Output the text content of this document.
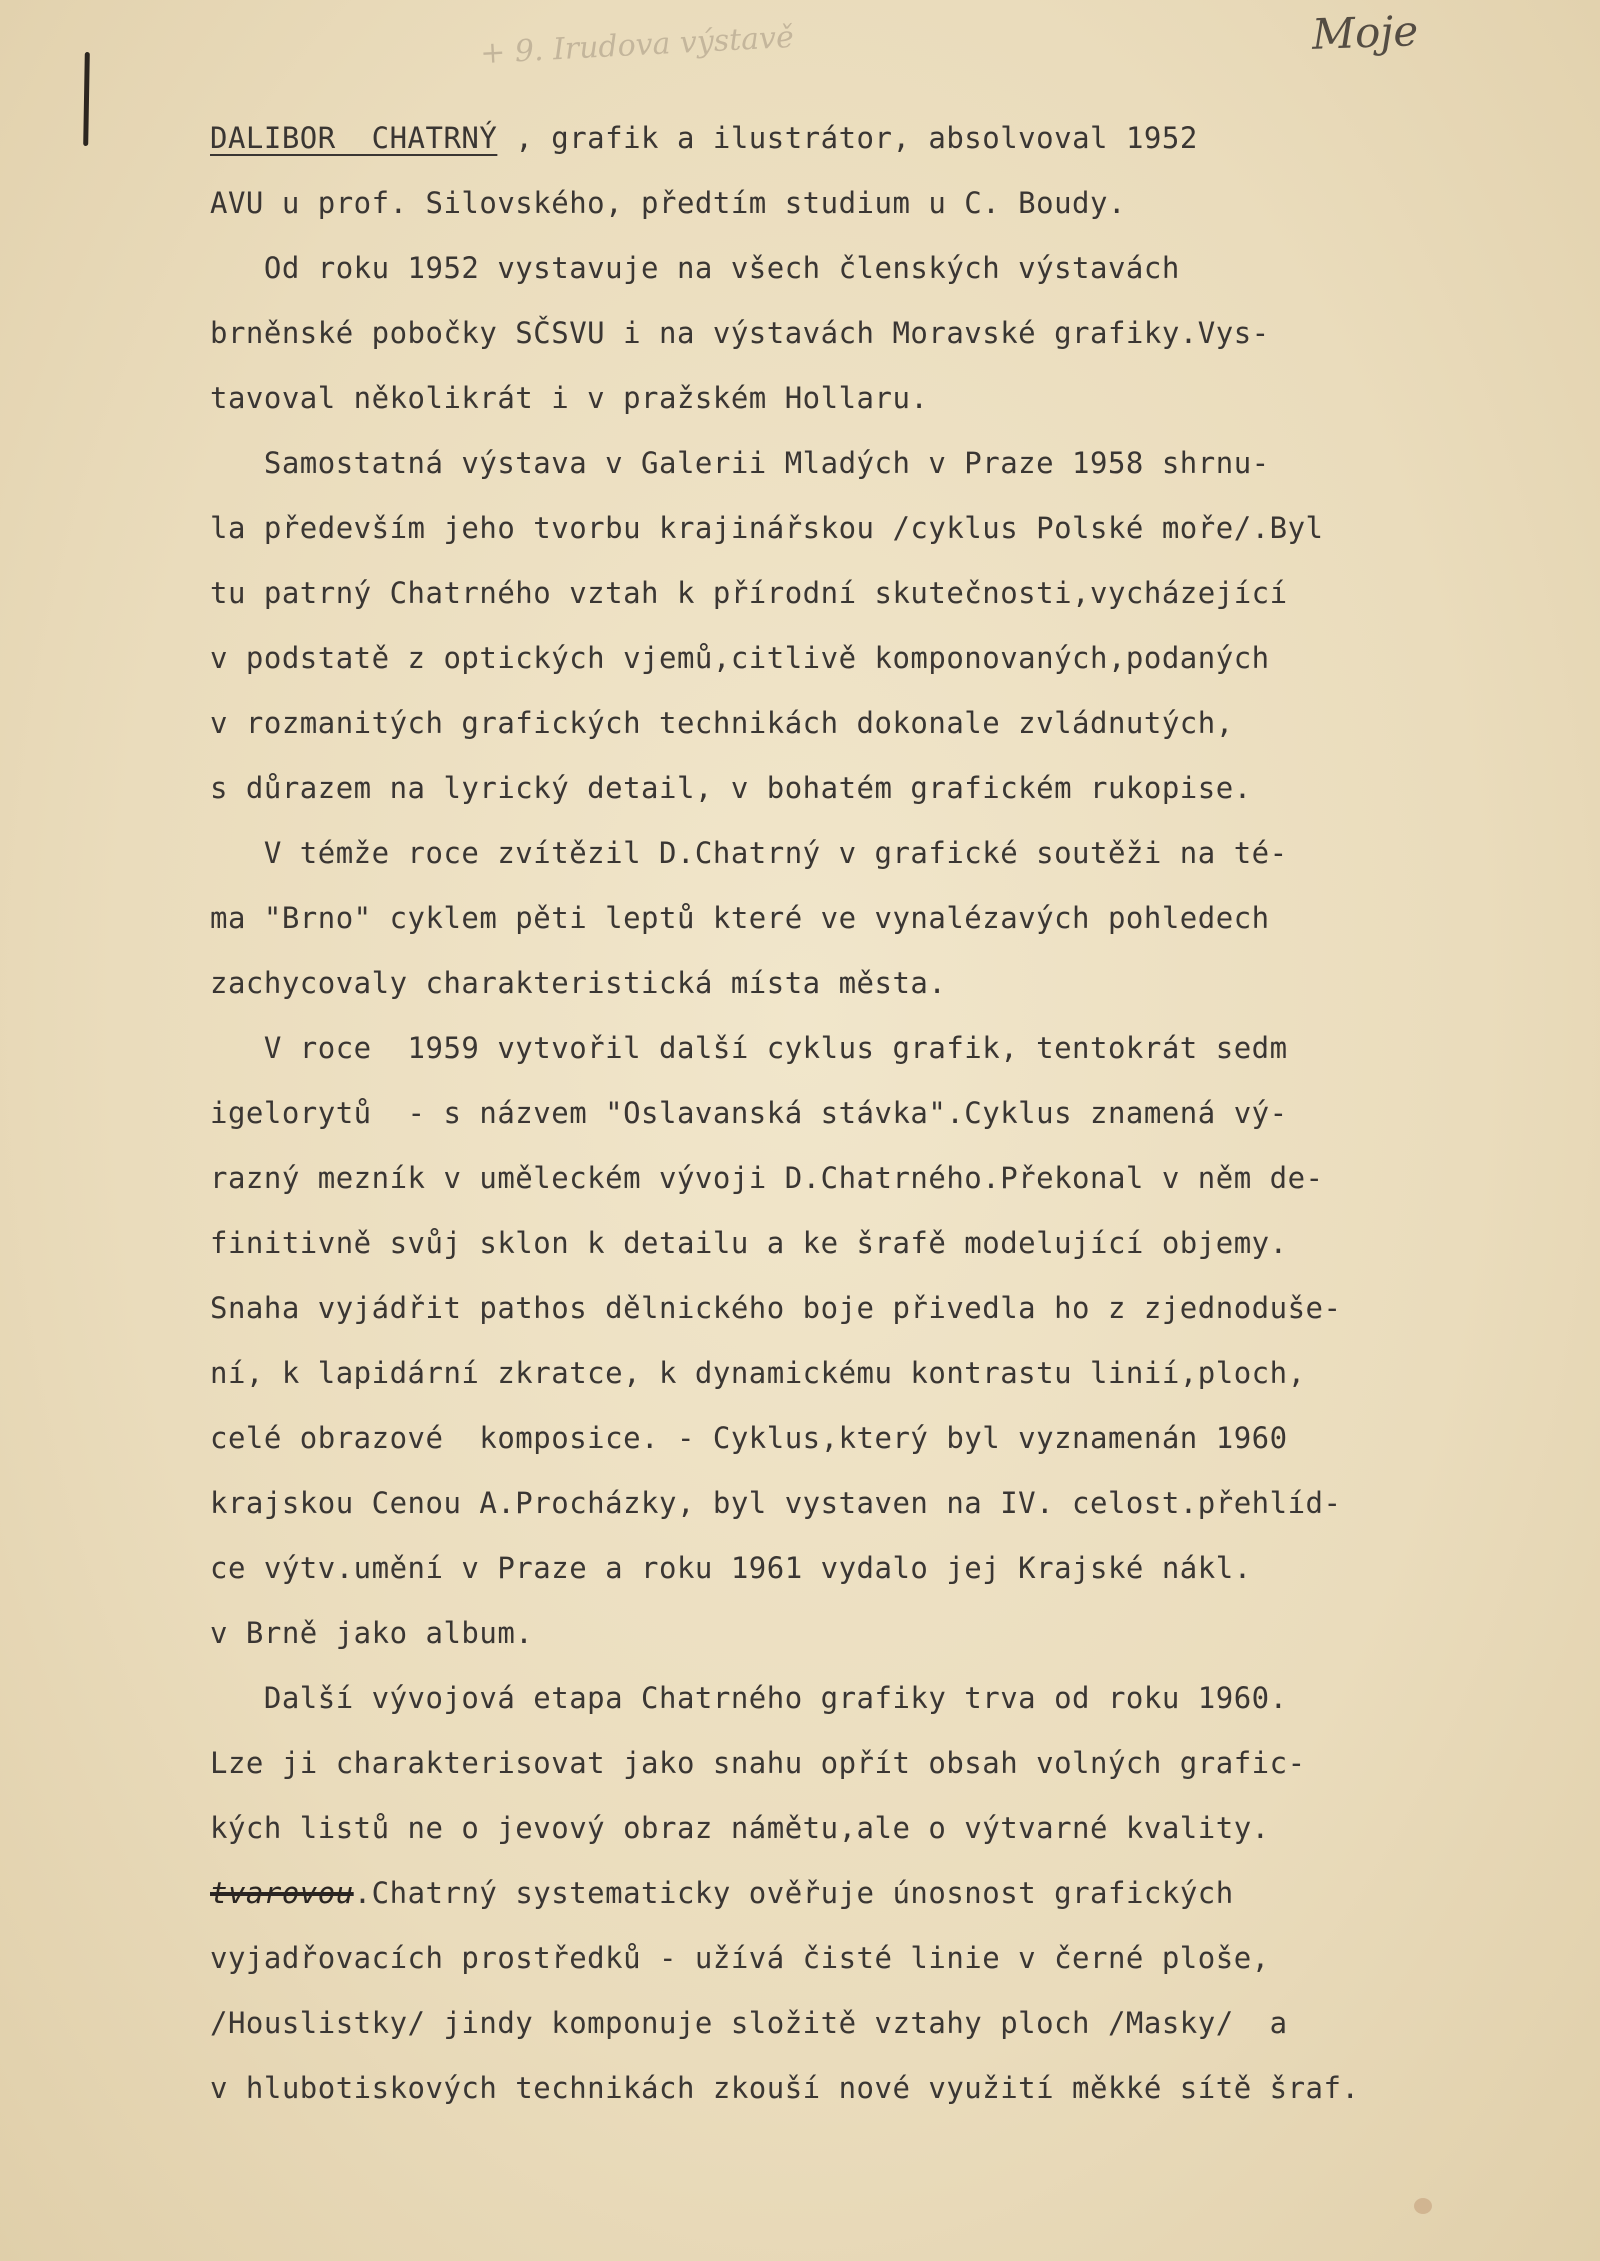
+ 9. Irudova výstavě	Moje
DALIBOR  CHATRNÝ , grafik a ilustrátor, absolvoval 1952
AVU u prof. Silovského, předtím studium u C. Boudy.
Od roku 1952 vystavuje na všech členských výstavách
brněnské pobočky SČSVU i na výstavách Moravské grafiky.Vys-
tavoval několikrát i v pražském Hollaru.
Samostatná výstava v Galerii Mladých v Praze 1958 shrnu-
la především jeho tvorbu krajinářskou /cyklus Polské moře/.Byl
tu patrný Chatrného vztah k přírodní skutečnosti,vycházející
v podstatě z optických vjemů,citlivě komponovaných,podaných
v rozmanitých grafických technikách dokonale zvládnutých,
s důrazem na lyrický detail, v bohatém grafickém rukopise.
V témže roce zvítězil D.Chatrný v grafické soutěži na té-
ma "Brno" cyklem pěti leptů které ve vynalézavých pohledech
zachycovaly charakteristická místa města.
V roce  1959 vytvořil další cyklus grafik, tentokrát sedm
igelorytů  - s názvem "Oslavanská stávka".Cyklus znamená vý-
razný mezník v uměleckém vývoji D.Chatrného.Překonal v něm de-
finitivně svůj sklon k detailu a ke šrafě modelující objemy.
Snaha vyjádřit pathos dělnického boje přivedla ho z zjednoduše-
ní, k lapidární zkratce, k dynamickému kontrastu linií,ploch,
celé obrazové  komposice. - Cyklus,který byl vyznamenán 1960
krajskou Cenou A.Procházky, byl vystaven na IV. celost.přehlíd-
ce výtv.umění v Praze a roku 1961 vydalo jej Krajské nákl.
v Brně jako album.
Další vývojová etapa Chatrného grafiky trva od roku 1960.
Lze ji charakterisovat jako snahu opřít obsah volných grafic-
kých listů ne o jevový obraz námětu,ale o výtvarné kvality.
tvarovou.Chatrný systematicky ověřuje únosnost grafických
vyjadřovacích prostředků - užívá čisté linie v černé ploše,
/Houslistky/ jindy komponuje složitě vztahy ploch /Masky/  a
v hlubotiskových technikách zkouší nové využití měkké sítě šraf.
